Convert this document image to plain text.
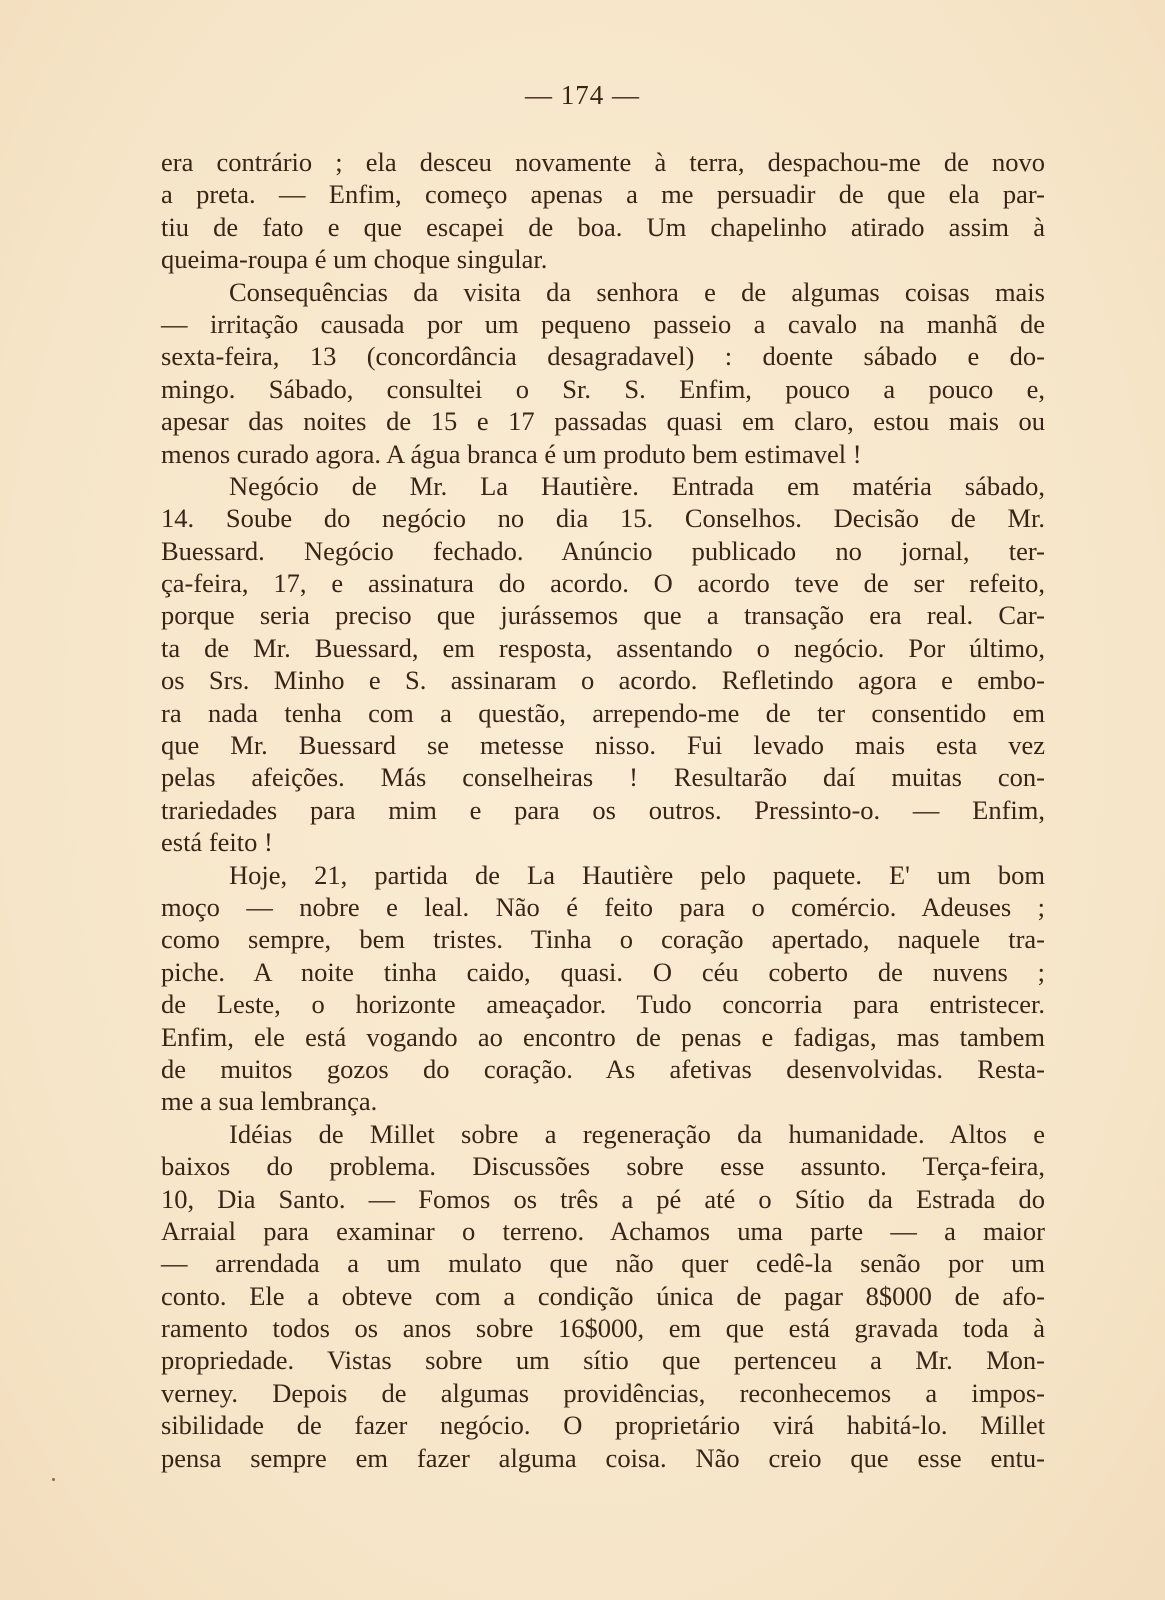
— 174 —
era contrário ; ela desceu novamente à terra, despachou-me de novo
a preta. — Enfim, começo apenas a me persuadir de que ela par-
tiu de fato e que escapei de boa. Um chapelinho atirado assim à
queima-roupa é um choque singular.
Consequências da visita da senhora e de algumas coisas mais
— irritação causada por um pequeno passeio a cavalo na manhã de
sexta-feira, 13 (concordância desagradavel) : doente sábado e do-
mingo. Sábado, consultei o Sr. S. Enfim, pouco a pouco e,
apesar das noites de 15 e 17 passadas quasi em claro, estou mais ou
menos curado agora. A água branca é um produto bem estimavel !
Negócio de Mr. La Hautière. Entrada em matéria sábado,
14. Soube do negócio no dia 15. Conselhos. Decisão de Mr.
Buessard. Negócio fechado. Anúncio publicado no jornal, ter-
ça-feira, 17, e assinatura do acordo. O acordo teve de ser refeito,
porque seria preciso que jurássemos que a transação era real. Car-
ta de Mr. Buessard, em resposta, assentando o negócio. Por último,
os Srs. Minho e S. assinaram o acordo. Refletindo agora e embo-
ra nada tenha com a questão, arrependo-me de ter consentido em
que Mr. Buessard se metesse nisso. Fui levado mais esta vez
pelas afeições. Más conselheiras ! Resultarão daí muitas con-
trariedades para mim e para os outros. Pressinto-o. — Enfim,
está feito !
Hoje, 21, partida de La Hautière pelo paquete. E' um bom
moço — nobre e leal. Não é feito para o comércio. Adeuses ;
como sempre, bem tristes. Tinha o coração apertado, naquele tra-
piche. A noite tinha caido, quasi. O céu coberto de nuvens ;
de Leste, o horizonte ameaçador. Tudo concorria para entristecer.
Enfim, ele está vogando ao encontro de penas e fadigas, mas tambem
de muitos gozos do coração. As afetivas desenvolvidas. Resta-
me a sua lembrança.
Idéias de Millet sobre a regeneração da humanidade. Altos e
baixos do problema. Discussões sobre esse assunto. Terça-feira,
10, Dia Santo. — Fomos os três a pé até o Sítio da Estrada do
Arraial para examinar o terreno. Achamos uma parte — a maior
— arrendada a um mulato que não quer cedê-la senão por um
conto. Ele a obteve com a condição única de pagar 8$000 de afo-
ramento todos os anos sobre 16$000, em que está gravada toda à
propriedade. Vistas sobre um sítio que pertenceu a Mr. Mon-
verney. Depois de algumas providências, reconhecemos a impos-
sibilidade de fazer negócio. O proprietário virá habitá-lo. Millet
pensa sempre em fazer alguma coisa. Não creio que esse entu-
